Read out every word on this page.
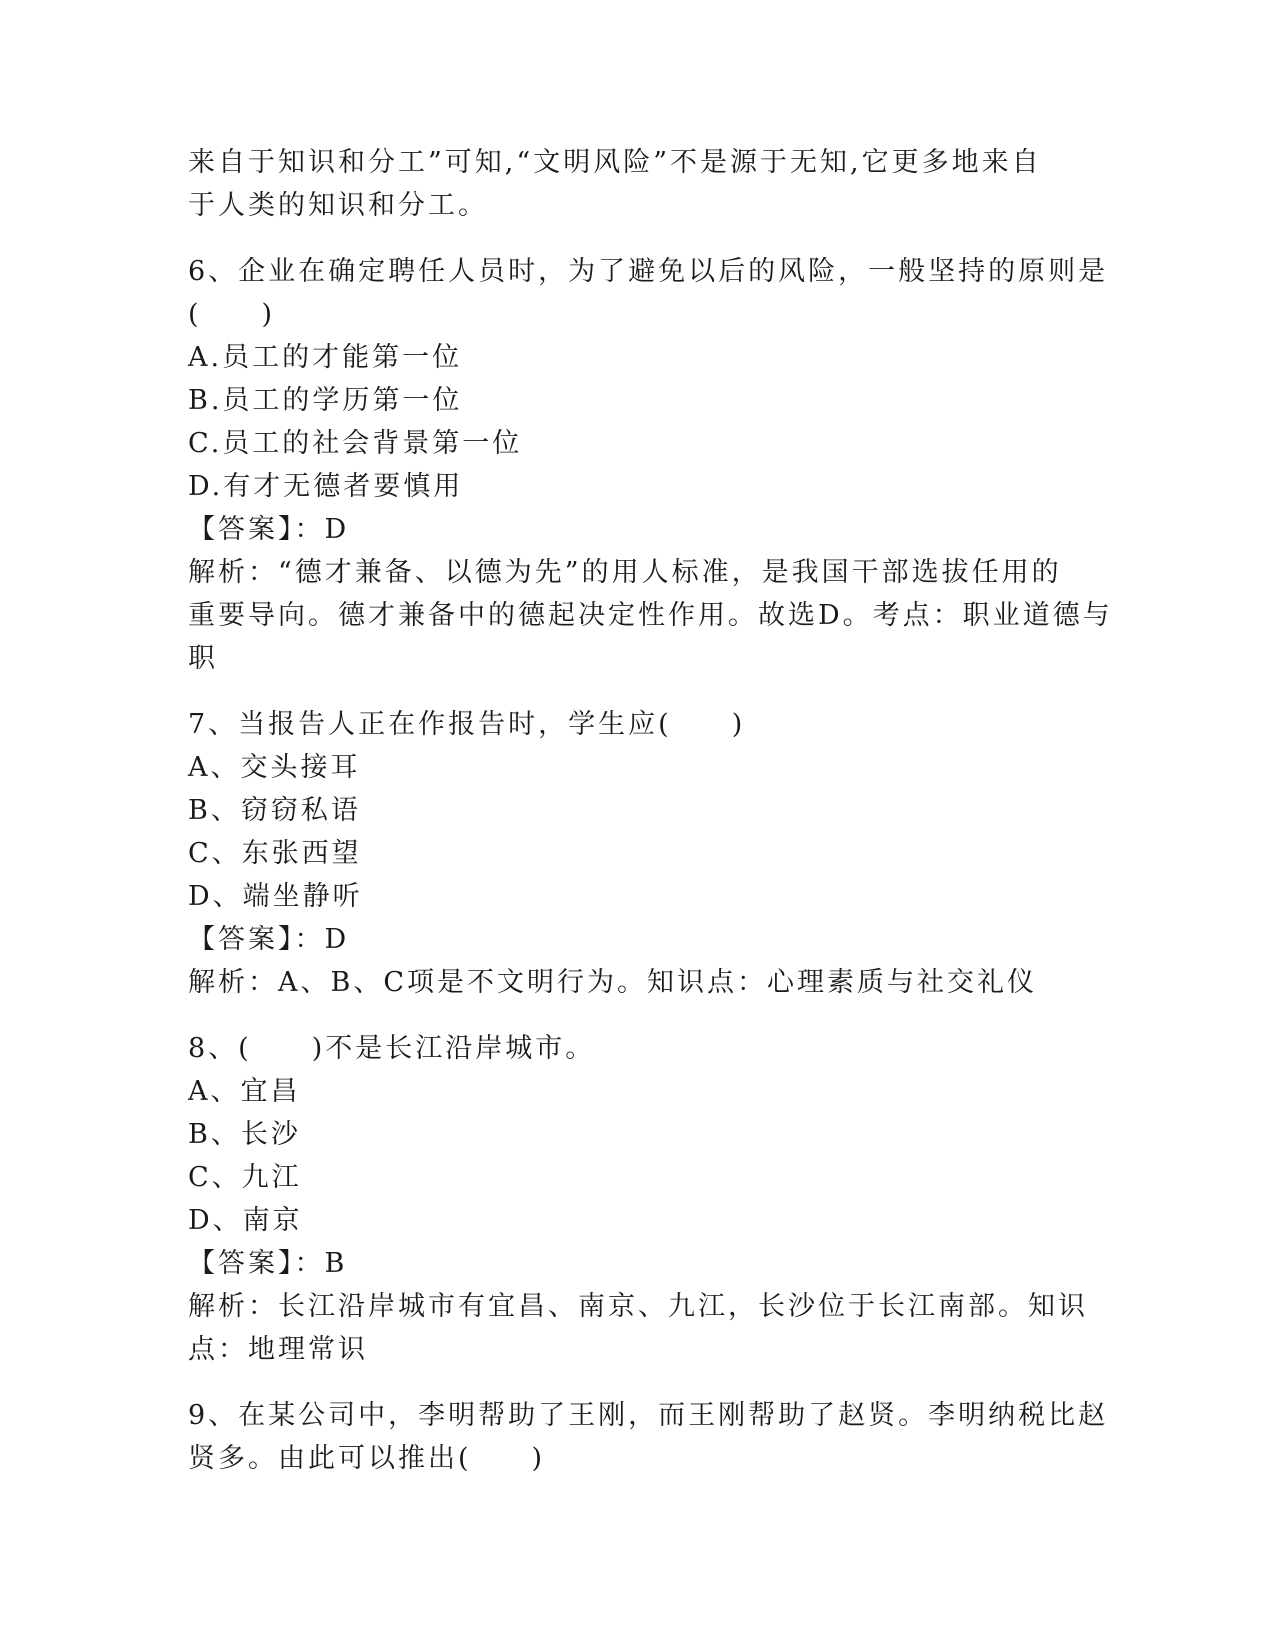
来自于知识和分工”可知,“文明风险”不是源于无知,它更多地来自
于人类的知识和分工。
6、企业在确定聘任人员时，为了避免以后的风险，一般坚持的原则是
(　　)
A.员工的才能第一位
B.员工的学历第一位
C.员工的社会背景第一位
D.有才无德者要慎用
【答案】：D
解析：“德才兼备、以德为先”的用人标准，是我国干部选拔任用的
重要导向。德才兼备中的德起决定性作用。故选D。考点：职业道德与
职
7、当报告人正在作报告时，学生应(　　)
A、交头接耳
B、窃窃私语
C、东张西望
D、端坐静听
【答案】：D
解析：A、B、C项是不文明行为。知识点：心理素质与社交礼仪
8、(　　)不是长江沿岸城市。
A、宜昌
B、长沙
C、九江
D、南京
【答案】：B
解析：长江沿岸城市有宜昌、南京、九江，长沙位于长江南部。知识
点：地理常识
9、在某公司中，李明帮助了王刚，而王刚帮助了赵贤。李明纳税比赵
贤多。由此可以推出(　　)
